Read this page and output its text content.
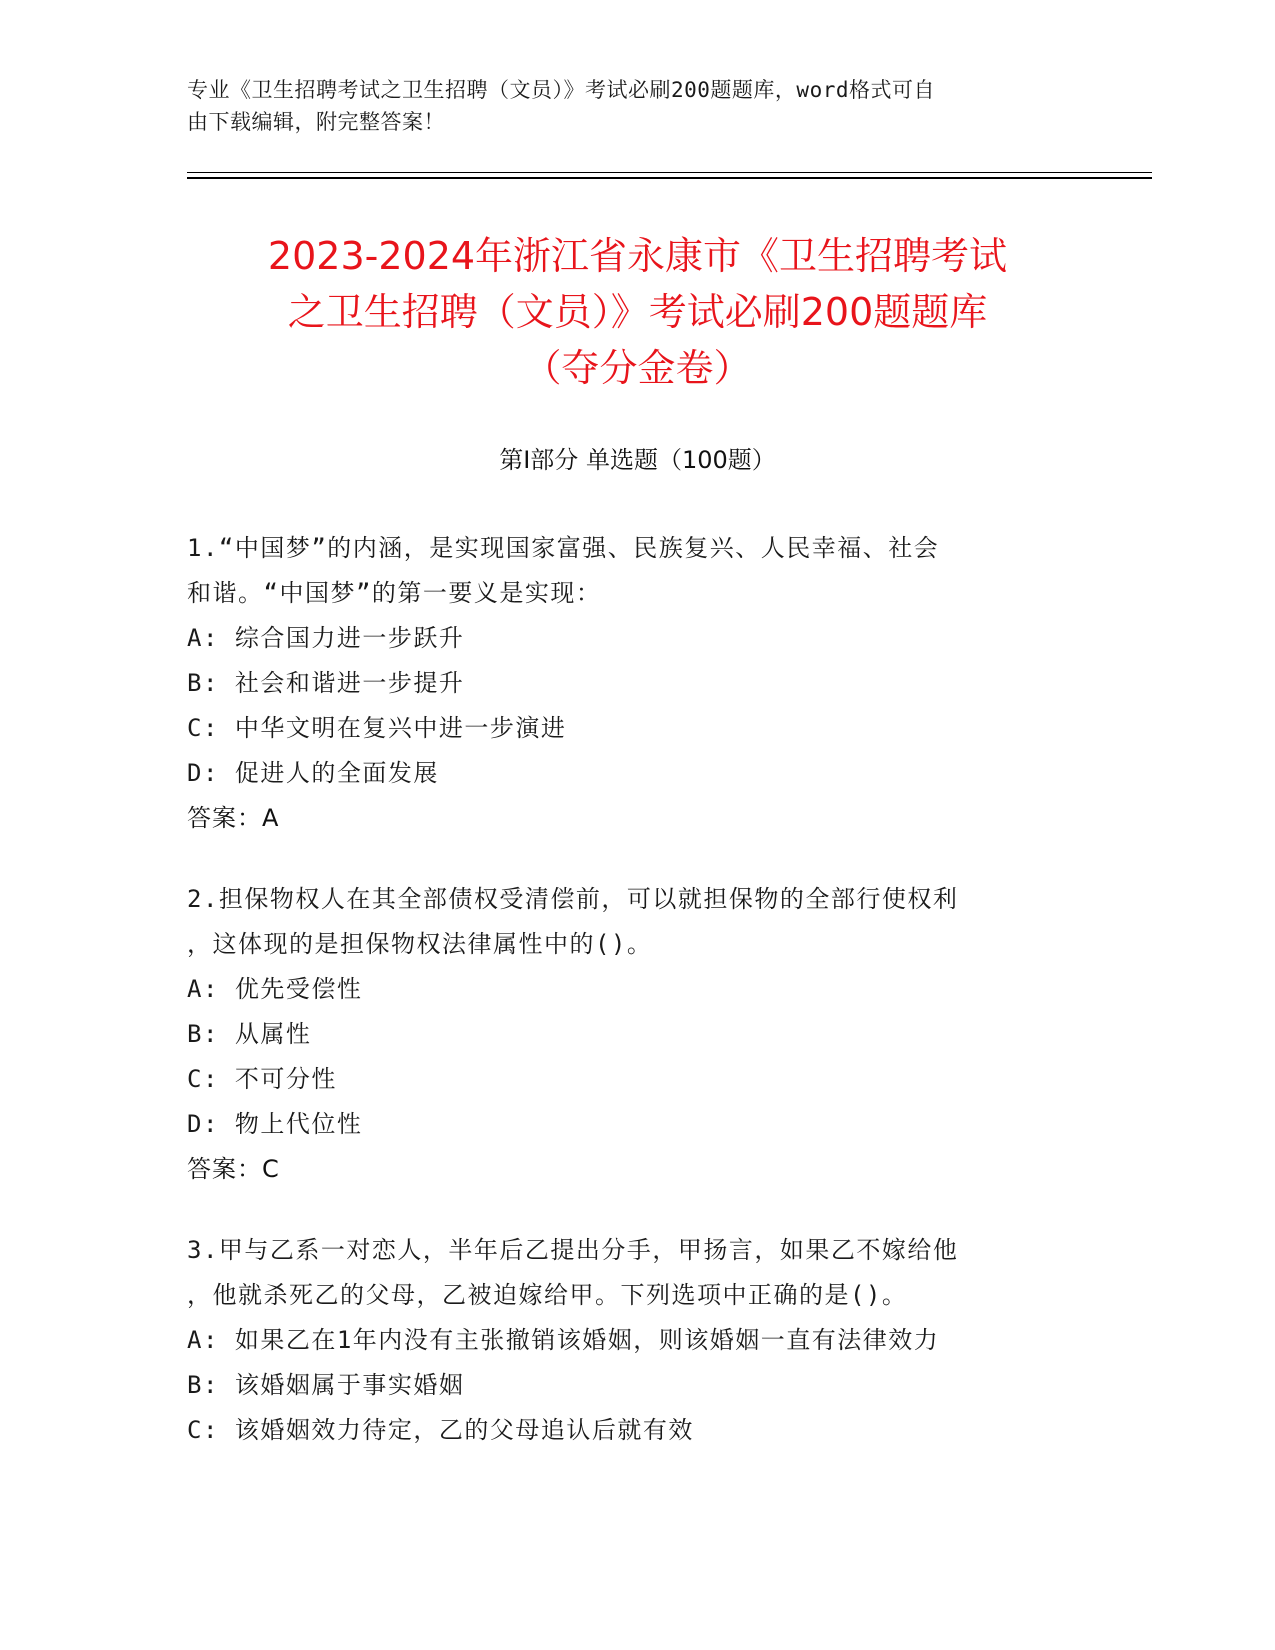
专业《卫生招聘考试之卫生招聘（文员）》考试必刷200题题库，word格式可自
由下载编辑，附完整答案！
2023-2024年浙江省永康市《卫生招聘考试
之卫生招聘（文员）》考试必刷200题题库
（夺分金卷）
第Ⅰ部分 单选题（100题）
1.“中国梦”的内涵，是实现国家富强、民族复兴、人民幸福、社会
和谐。“中国梦”的第一要义是实现：
A: 综合国力进一步跃升
B: 社会和谐进一步提升
C: 中华文明在复兴中进一步演进
D: 促进人的全面发展
答案：A
2.担保物权人在其全部债权受清偿前，可以就担保物的全部行使权利
，这体现的是担保物权法律属性中的()。
A: 优先受偿性
B: 从属性
C: 不可分性
D: 物上代位性
答案：C
3.甲与乙系一对恋人，半年后乙提出分手，甲扬言，如果乙不嫁给他
，他就杀死乙的父母，乙被迫嫁给甲。下列选项中正确的是()。
A: 如果乙在1年内没有主张撤销该婚姻，则该婚姻一直有法律效力
B: 该婚姻属于事实婚姻
C: 该婚姻效力待定，乙的父母追认后就有效
